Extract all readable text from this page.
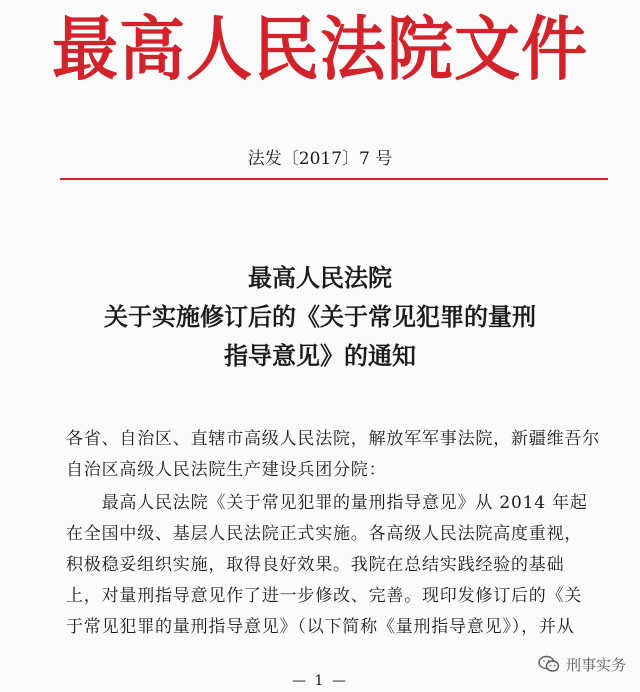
最高人民法院文件
法发〔2017〕7 号
最高人民法院
关于实施修订后的《关于常见犯罪的量刑
指导意见》的通知
各省、自治区、直辖市高级人民法院，解放军军事法院，新疆维吾尔
自治区高级人民法院生产建设兵团分院：
　　最高人民法院《关于常见犯罪的量刑指导意见》从 2014 年起
在全国中级、基层人民法院正式实施。各高级人民法院高度重视，
积极稳妥组织实施，取得良好效果。我院在总结实践经验的基础
上，对量刑指导意见作了进一步修改、完善。现印发修订后的《关
于常见犯罪的量刑指导意见》（以下简称《量刑指导意见》），并从
— 1 —
刑事实务
